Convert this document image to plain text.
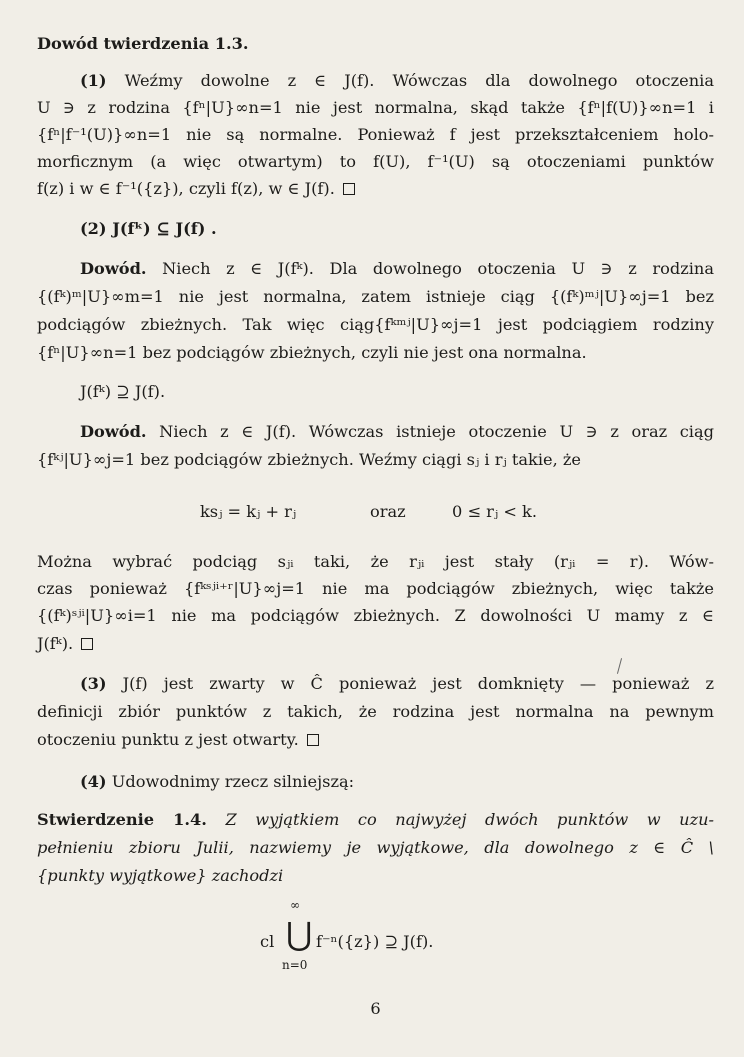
Dowód twierdzenia 1.3.
(1) Weźmy dowolne z ∈ J(f). Wówczas dla dowolnego otoczenia
U ∋ z rodzina {fⁿ|U}∞n=1 nie jest normalna, skąd także {fⁿ|f(U)}∞n=1 i
{fⁿ|f⁻¹(U)}∞n=1 nie są normalne. Ponieważ f jest przekształceniem holo-
morficznym (a więc otwartym) to f(U), f⁻¹(U) są otoczeniami punktów
f(z) i w ∈ f⁻¹({z}), czyli f(z), w ∈ J(f).
(2) J(fᵏ) ⊆ J(f) .
Dowód. Niech z ∈ J(fᵏ). Dla dowolnego otoczenia U ∋ z rodzina
{(fᵏ)ᵐ|U}∞m=1 nie jest normalna, zatem istnieje ciąg {(fᵏ)ᵐʲ|U}∞j=1 bez
podciągów zbieżnych. Tak więc ciąg{fᵏᵐʲ|U}∞j=1 jest podciągiem rodziny
{fⁿ|U}∞n=1 bez podciągów zbieżnych, czyli nie jest ona normalna.
J(fᵏ) ⊇ J(f).
Dowód. Niech z ∈ J(f). Wówczas istnieje otoczenie U ∋ z oraz ciąg
{fᵏʲ|U}∞j=1 bez podciągów zbieżnych. Weźmy ciągi sⱼ i rⱼ takie, że
ksⱼ = kⱼ + rⱼ	oraz	0 ≤ rⱼ < k.
Można wybrać podciąg sⱼᵢ taki, że rⱼᵢ jest stały (rⱼᵢ = r). Wów-
czas ponieważ {fᵏˢʲⁱ⁺ʳ|U}∞j=1 nie ma podciągów zbieżnych, więc także
{(fᵏ)ˢʲⁱ|U}∞i=1 nie ma podciągów zbieżnych. Z dowolności U mamy z ∈
J(fᵏ).
(3) J(f) jest zwarty w Ĉ ponieważ jest domknięty — ponieważ z
definicji zbiór punktów z takich, że rodzina jest normalna na pewnym
otoczeniu punktu z jest otwarty.
(4) Udowodnimy rzecz silniejszą:
Stwierdzenie 1.4. Z wyjątkiem co najwyżej dwóch punktów w uzu-
pełnieniu zbioru Julii, nazwiemy je wyjątkowe, dla dowolnego z ∈ Ĉ \
{punkty wyjątkowe} zachodzi
cl
∞
⋃
n=0
f⁻ⁿ({z}) ⊇ J(f).
6
